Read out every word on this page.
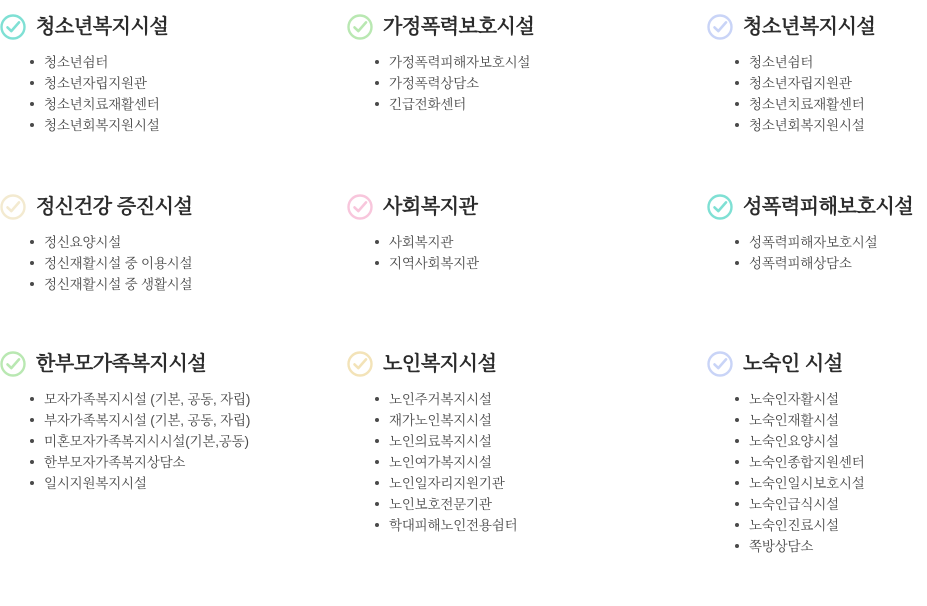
청소년복지시설
청소년쉼터
청소년자립지원관
청소년치료재활센터
청소년회복지원시설
가정폭력보호시설
가정폭력피해자보호시설
가정폭력상담소
긴급전화센터
청소년복지시설
청소년쉼터
청소년자립지원관
청소년치료재활센터
청소년회복지원시설
정신건강 증진시설
정신요양시설
정신재활시설 중 이용시설
정신재활시설 중 생활시설
사회복지관
사회복지관
지역사회복지관
성폭력피해보호시설
성폭력피해자보호시설
성폭력피해상담소
한부모가족복지시설
모자가족복지시설 (기본, 공동, 자립)
부자가족복지시설 (기본, 공동, 자립)
미혼모자가족복지시시설(기본,공동)
한부모자가족복지상담소
일시지원복지시설
노인복지시설
노인주거복지시설
재가노인복지시설
노인의료복지시설
노인여가복지시설
노인일자리지원기관
노인보호전문기관
학대피해노인전용쉼터
노숙인 시설
노숙인자활시설
노숙인재활시설
노숙인요양시설
노숙인종합지원센터
노숙인일시보호시설
노숙인급식시설
노숙인진료시설
쪽방상담소
